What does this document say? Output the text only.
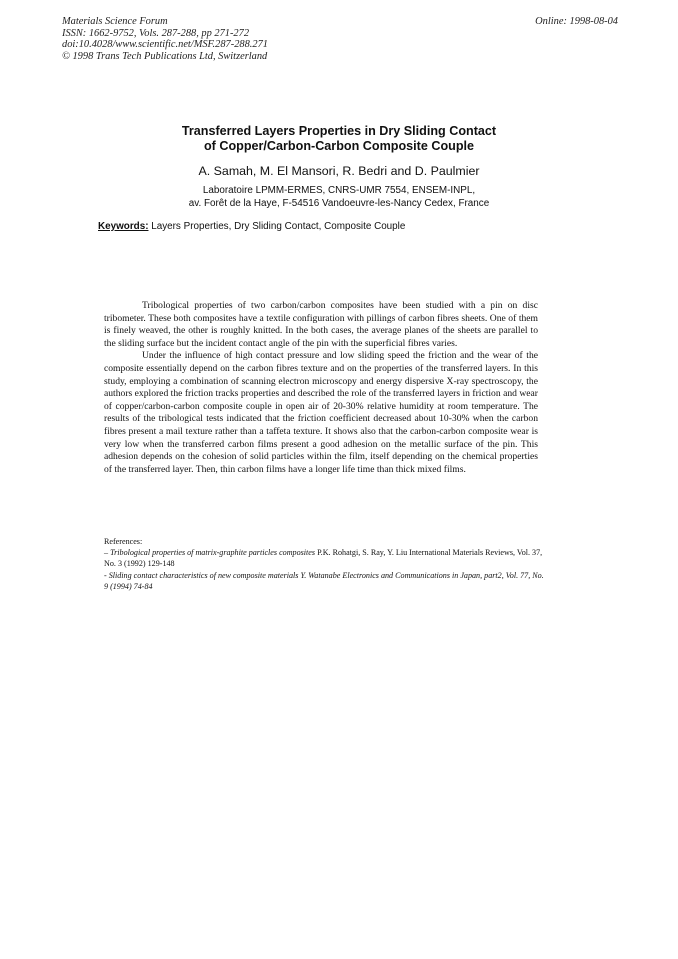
Materials Science Forum
ISSN: 1662-9752, Vols. 287-288, pp 271-272
doi:10.4028/www.scientific.net/MSF.287-288.271
© 1998 Trans Tech Publications Ltd, Switzerland
Online: 1998-08-04
Transferred Layers Properties in Dry Sliding Contact
of Copper/Carbon-Carbon Composite Couple
A. Samah, M. El Mansori, R. Bedri and D. Paulmier
Laboratoire LPMM-ERMES, CNRS-UMR 7554, ENSEM-INPL,
av. Forêt de la Haye, F-54516 Vandoeuvre-les-Nancy Cedex, France
Keywords: Layers Properties, Dry Sliding Contact, Composite Couple

Tribological properties of two carbon/carbon composites have been studied with a pin on disc tribometer. These both composites have a textile configuration with pillings of carbon fibres sheets. One of them is finely weaved, the other is roughly knitted. In the both cases, the average planes of the sheets are parallel to the sliding surface but the incident contact angle of the pin with the superficial fibres varies.

Under the influence of high contact pressure and low sliding speed the friction and the wear of the composite essentially depend on the carbon fibres texture and on the properties of the transferred layers. In this study, employing a combination of scanning electron microscopy and energy dispersive X-ray spectroscopy, the authors explored the friction tracks properties and described the role of the transferred layers in friction and wear of copper/carbon-carbon composite couple in open air of 20-30% relative humidity at room temperature. The results of the tribological tests indicated that the friction coefficient decreased about 10-30% when the carbon fibres present a mail texture rather than a taffeta texture. It shows also that the carbon-carbon composite wear is very low when the transferred carbon films present a good adhesion on the metallic surface of the pin. This adhesion depends on the cohesion of solid particles within the film, itself depending on the chemical properties of the transferred layer. Then, thin carbon films have a longer life time than thick mixed films.

References:
– Tribological properties of matrix-graphite particles composites P.K. Rohatgi, S. Ray, Y. Liu International Materials Reviews, Vol. 37, No. 3 (1992) 129-148
- Sliding contact characteristics of new composite materials Y. Watanabe Electronics and Communications in Japan, part2, Vol. 77, No. 9 (1994) 74-84
